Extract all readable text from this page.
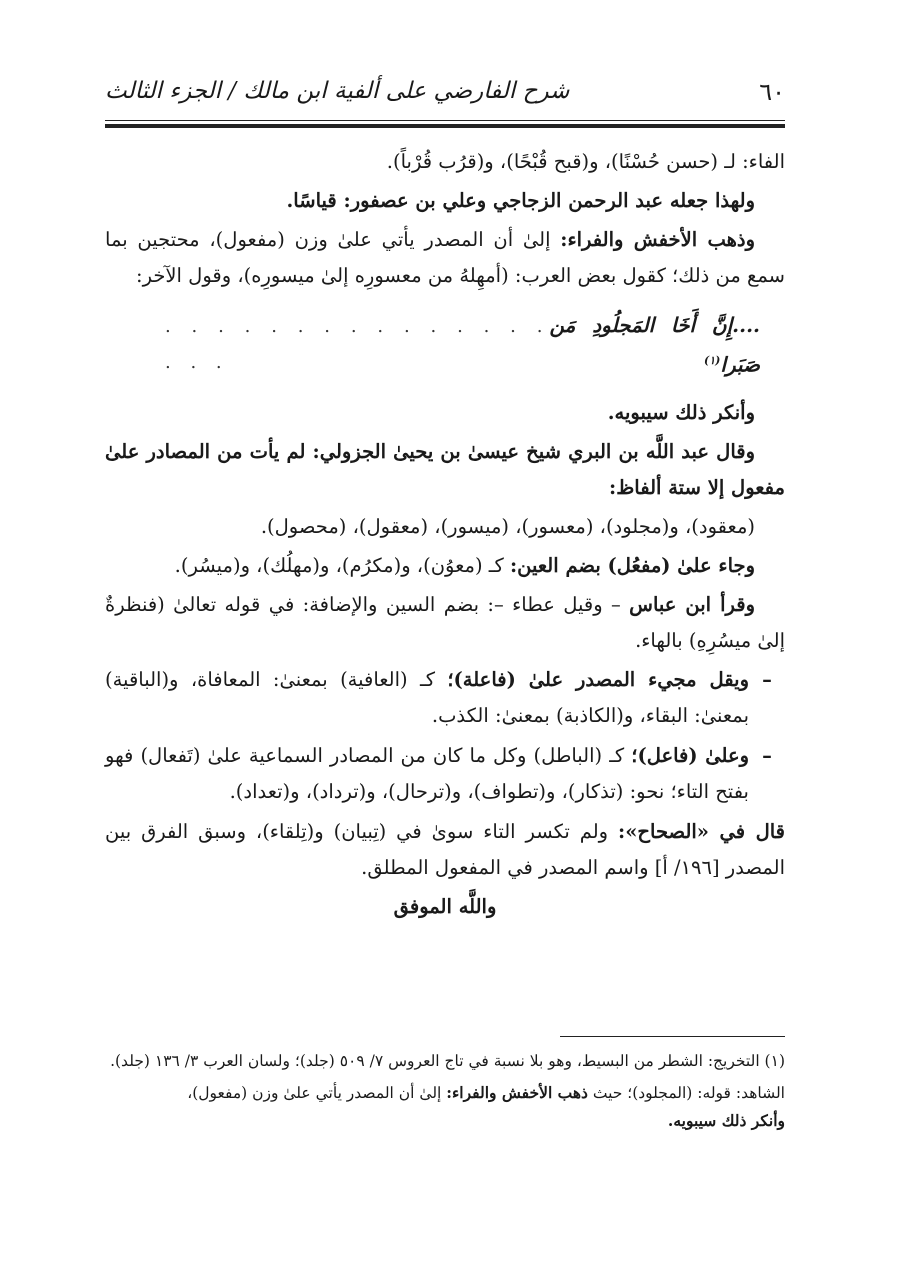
٦٠
شرح الفارضي على ألفية ابن مالك / الجزء الثالث

الفاء: لـ (حسن حُسْنًا)، و(قبح قُبْحًا)، و(قرُب قُرْباً).

ولهذا جعله عبد الرحمن الزجاجي وعلي بن عصفور: قياسًا.

وذهب الأخفش والفراء: إلىٰ أن المصدر يأتي علىٰ وزن (مفعول)، محتجين بما سمع من ذلك؛ كقول بعض العرب: (أمهِلهُ من معسورِه إلىٰ ميسورِه)، وقول الآخر:

....إِنَّ أَخَا المَجلُودِ مَن صَبَرا$^{(١)}$
. . . . . . . . . . . . . . . . . .

وأنكر ذلك سيبويه.

وقال عبد اللَّه بن البري شيخ عيسىٰ بن يحيىٰ الجزولي: لم يأت من المصادر علىٰ مفعول إلا ستة ألفاظ:

(معقود)، و(مجلود)، (معسور)، (ميسور)، (معقول)، (محصول).

وجاء علىٰ (مفعُل) بضم العين: كـ (معوُن)، و(مكرُم)، و(مهلُك)، و(ميسُر).

وقرأ ابن عباس – وقيل عطاء –: بضم السين والإضافة: في قوله تعالىٰ (فنظرةٌ إلىٰ ميسُرِهِ) بالهاء.

–
ويقل مجيء المصدر علىٰ (فاعلة)؛ كـ (العافية) بمعنىٰ: المعافاة، و(الباقية) بمعنىٰ: البقاء، و(الكاذبة) بمعنىٰ: الكذب.
–
وعلىٰ (فاعل)؛ كـ (الباطل) وكل ما كان من المصادر السماعية علىٰ (تَفعال) فهو بفتح التاء؛ نحو: (تذكار)، و(تطواف)، و(ترحال)، و(ترداد)، و(تعداد).

قال في «الصحاح»: ولم تكسر التاء سوىٰ في (تِبيان) و(تِلقاء)، وسبق الفرق بين المصدر [١٩٦/ أ] واسم المصدر في المفعول المطلق.

واللَّه الموفق

(١) التخريج: الشطر من البسيط، وهو بلا نسبة في تاج العروس ٧/ ٥٠٩ (جلد)؛ ولسان العرب ٣/ ١٣٦ (جلد).

الشاهد: قوله: (المجلود)؛ حيث ذهب الأخفش والفراء: إلىٰ أن المصدر يأتي علىٰ وزن (مفعول)،
وأنكر ذلك سيبويه.
